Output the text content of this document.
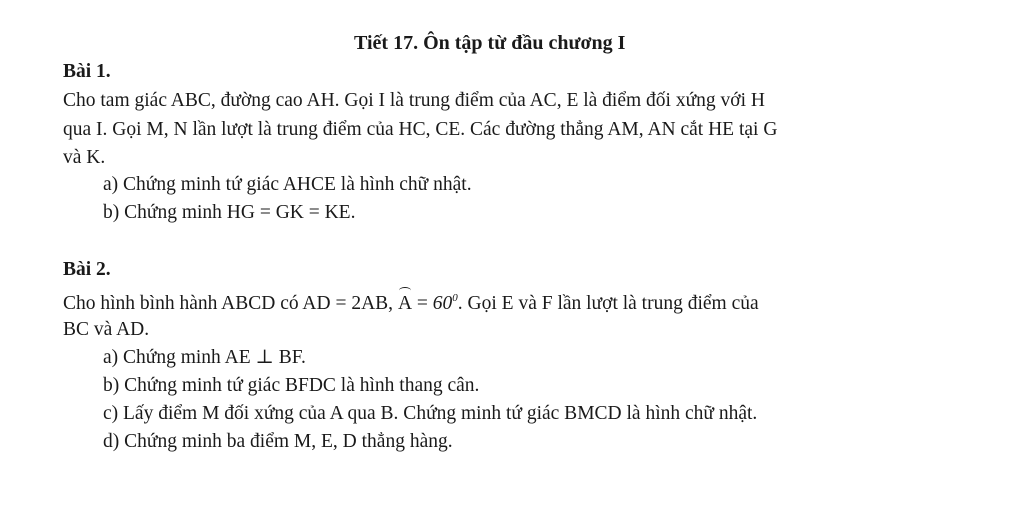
Tiết 17. Ôn tập từ đầu chương I
Bài 1.
Cho tam giác ABC, đường cao AH. Gọi I là trung điểm của AC, E là điểm đối xứng với H
qua I. Gọi M, N lần lượt là trung điểm của HC, CE. Các đường thẳng AM, AN cắt HE tại G
và K.
a) Chứng minh tứ giác AHCE là hình chữ nhật.
b) Chứng minh HG = GK = KE.
Bài 2.
Cho hình bình hành ABCD có AD = 2AB, $A = 60^0$. Gọi E và F lần lượt là trung điểm của
BC và AD.
a) Chứng minh AE ⊥ BF.
b) Chứng minh tứ giác BFDC là hình thang cân.
c) Lấy điểm M đối xứng của A qua B. Chứng minh tứ giác BMCD là hình chữ nhật.
d) Chứng minh ba điểm M, E, D thẳng hàng.
